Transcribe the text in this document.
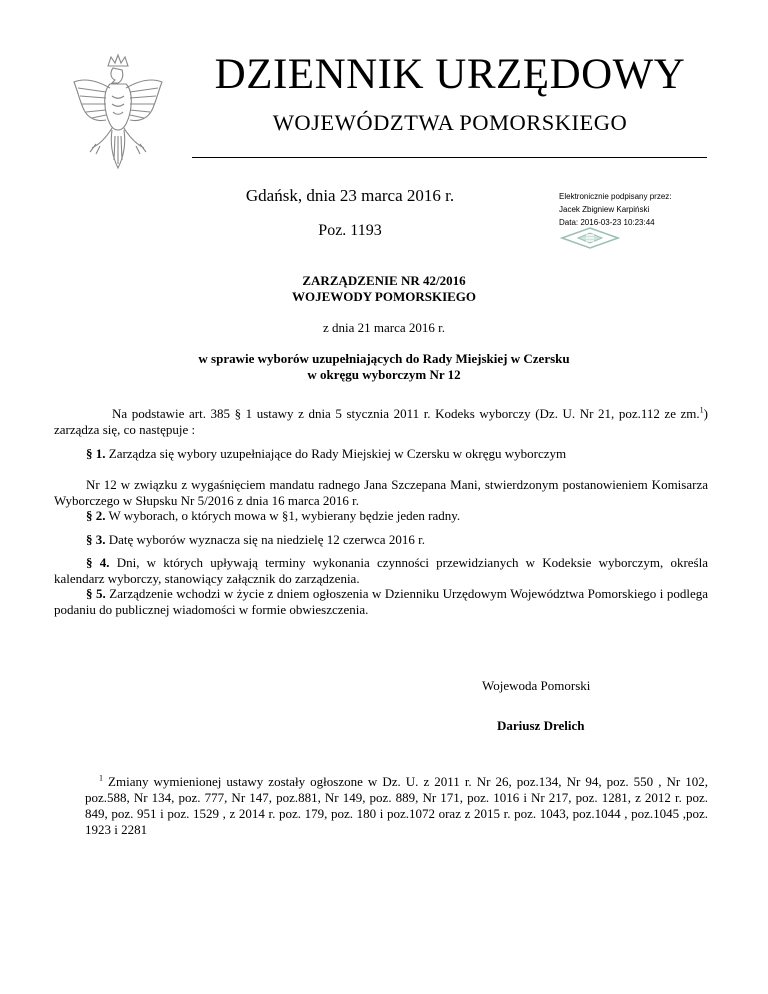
DZIENNIK URZĘDOWY
WOJEWÓDZTWA POMORSKIEGO
Gdańsk, dnia 23 marca 2016 r.
Poz. 1193
Elektronicznie podpisany przez:
Jacek Zbigniew Karpiński
Data: 2016-03-23 10:23:44
ZARZĄDZENIE NR 42/2016
WOJEWODY POMORSKIEGO
z dnia 21 marca 2016 r.
w sprawie wyborów uzupełniających do Rady Miejskiej w Czersku
w okręgu wyborczym Nr 12
Na podstawie art. 385 § 1 ustawy z dnia 5 stycznia 2011 r. Kodeks wyborczy (Dz. U. Nr 21, poz.112 ze zm.$^1$) zarządza się, co następuje :
§ 1. Zarządza się wybory uzupełniające do Rady Miejskiej w Czersku w okręgu wyborczym
Nr 12 w związku z wygaśnięciem mandatu radnego Jana Szczepana Mani, stwierdzonym postanowieniem Komisarza Wyborczego w Słupsku Nr 5/2016 z dnia 16 marca 2016 r.
§ 2. W wyborach, o których mowa w §1, wybierany będzie jeden radny.
§ 3. Datę wyborów wyznacza się na niedzielę 12 czerwca 2016 r.
§ 4. Dni, w których upływają terminy wykonania czynności przewidzianych w Kodeksie wyborczym, określa kalendarz wyborczy, stanowiący załącznik do zarządzenia.
§ 5. Zarządzenie wchodzi w życie z dniem ogłoszenia w Dzienniku Urzędowym Województwa Pomorskiego i podlega podaniu do publicznej wiadomości w formie obwieszczenia.
Wojewoda Pomorski
Dariusz Drelich
$^1$ Zmiany wymienionej ustawy zostały ogłoszone w Dz. U. z 2011 r. Nr 26, poz.134, Nr 94, poz. 550 , Nr 102, poz.588, Nr 134, poz. 777, Nr 147, poz.881, Nr 149, poz. 889, Nr 171, poz. 1016 i Nr 217, poz. 1281, z 2012 r. poz. 849, poz. 951 i poz. 1529 , z 2014 r. poz. 179, poz. 180 i poz.1072 oraz z 2015 r. poz. 1043, poz.1044 , poz.1045 ,poz. 1923 i 2281
